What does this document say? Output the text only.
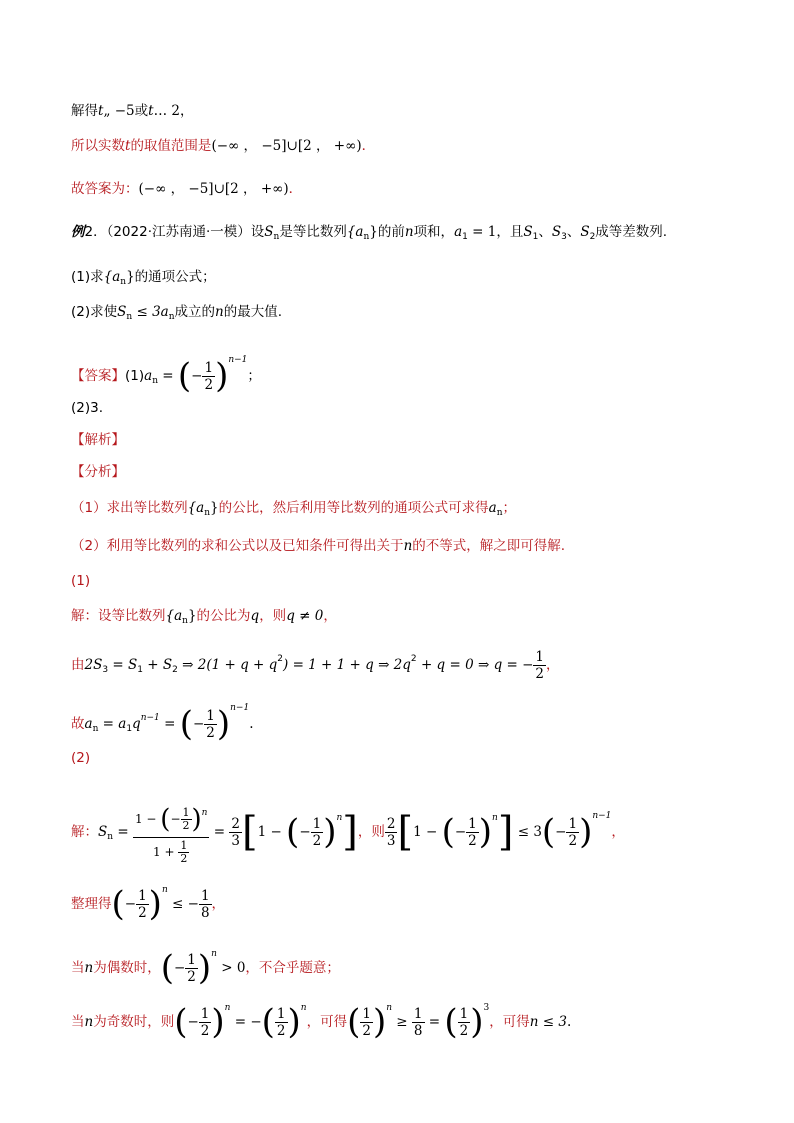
解得t„ −5或t… 2，
所以实数t的取值范围是(−∞ ， −5]∪[2 ， +∞)．
故答案为：(−∞ ， −5]∪[2 ， +∞)．
例2．（2022·江苏南通·一模）设$S_n$是等比数列$\{a_n\}$的前n项和，$a_1 = 1$，且$S_1$、$S_3$、$S_2$成等差数列.
(1)求$\{a_n\}$的通项公式；
(2)求使$S_n \le 3a_n$成立的n的最大值.
【答案】$(1)a_n$ = (− $\frac{1}{2} )^{n-1}$；
(2)3.
【解析】
【分析】
（1）求出等比数列$\{a_n\}$的公比，然后利用等比数列的通项公式可求得$a_n$；
（2）利用等比数列的求和公式以及已知条件可得出关于n的不等式，解之即可得解.
(1)
解：设等比数列$\{a_n\}$的公比为q，则q ≠ 0，
由$2S_3 = S_1 + S_2$ ⇒ $2(1 + q + q^2) = 1 + 1 + q$ ⇒ $2q^2 + q = 0$ ⇒ q = − $\frac{1}{2}$ ，
故$a_n = a_1q^{n-1}$ = (− $\frac{1}{2} )^{n-1}$.
(2)
解：$S_n = \frac{1 - (- \frac{1}{2} )^n}{1 + \frac{1}{2}} = \frac{2}{3} [1$ − (− $\frac{1}{2} )^n$]，则 $\frac{2}{3} [1$ − (− $\frac{1}{2} )^n] \le 3(- \frac{1}{2} )^{n-1}$，
整理得(− $\frac{1}{2} )^n$ ≤ − $\frac{1}{8}$ ，
当n为偶数时，(− $\frac{1}{2} )^n > 0$，不合乎题意；
当n为奇数时，则(− $\frac{1}{2} )^n$ = −( $\frac{1}{2} )^n$，可得( $\frac{1}{2} )^n \ge \frac{1}{8}$ = ( $\frac{1}{2} )^3$，可得n ≤ 3.
